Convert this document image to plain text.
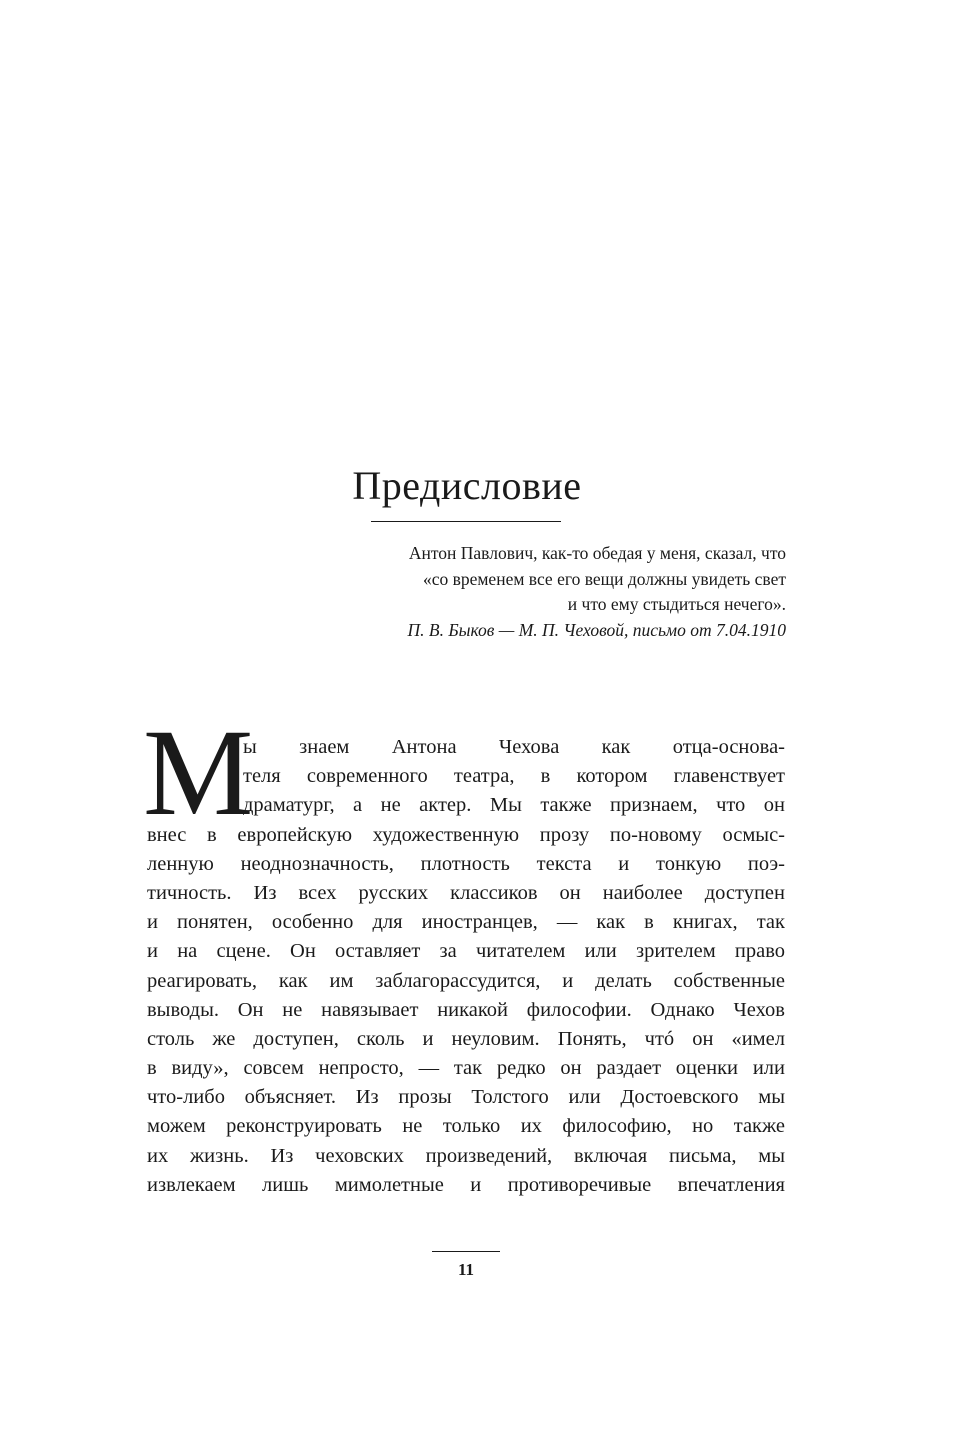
Предисловие
Антон Павлович, как-то обедая у меня, сказал, что
«со временем все его вещи должны увидеть свет
и что ему стыдиться нечего».
П. В. Быков — М. П. Чеховой, письмо от 7.04.1910
М
ы знаем Антона Чехова как отца-основа-
теля современного театра, в котором главенствует
драматург, а не актер. Мы также признаем, что он
внес в европейскую художественную прозу по-новому осмыс-
ленную неоднозначность, плотность текста и тонкую поэ-
тичность. Из всех русских классиков он наиболее доступен
и понятен, особенно для иностранцев, — как в книгах, так
и на сцене. Он оставляет за читателем или зрителем право
реагировать, как им заблагорассудится, и делать собственные
выводы. Он не навязывает никакой философии. Однако Чехов
столь же доступен, сколь и неуловим. Понять, чтó он «имел
в виду», совсем непросто, — так редко он раздает оценки или
что-либо объясняет. Из прозы Толстого или Достоевского мы
можем реконструировать не только их философию, но также
их жизнь. Из чеховских произведений, включая письма, мы
извлекаем лишь мимолетные и противоречивые впечатления
11
